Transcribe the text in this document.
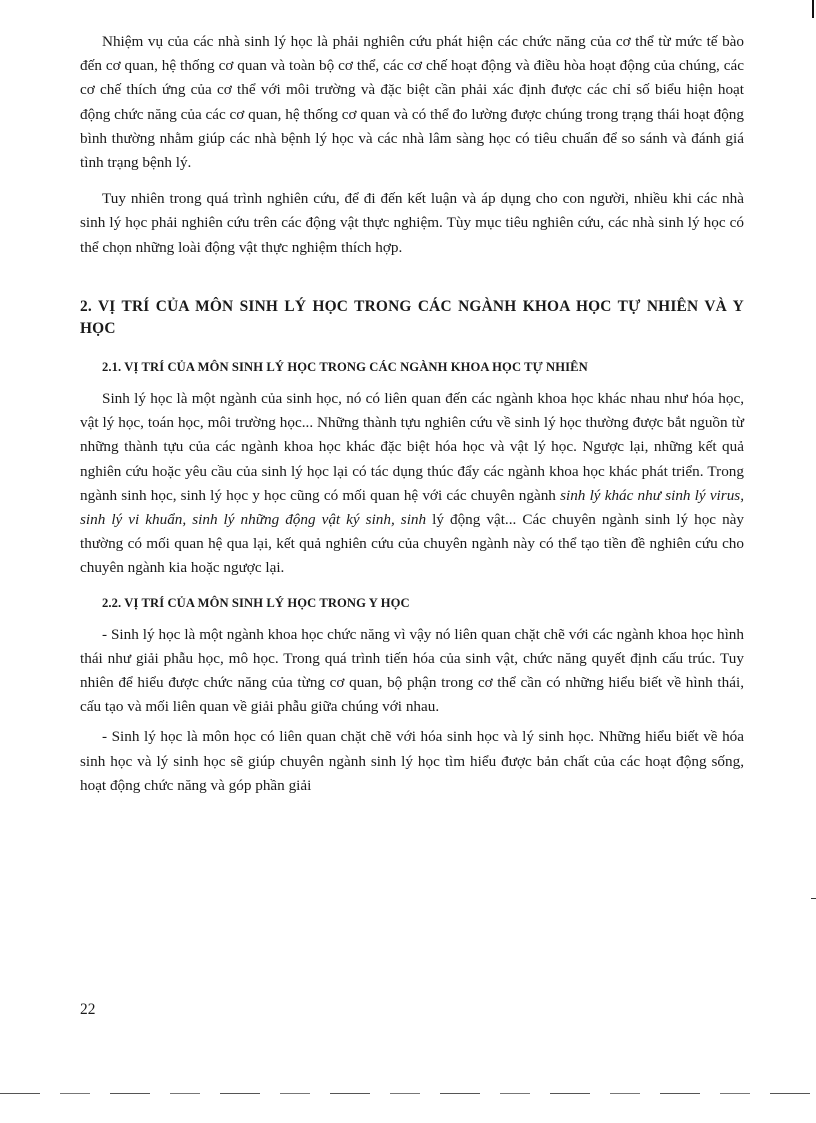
Nhiệm vụ của các nhà sinh lý học là phải nghiên cứu phát hiện các chức năng của cơ thể từ mức tế bào đến cơ quan, hệ thống cơ quan và toàn bộ cơ thể, các cơ chế hoạt động và điều hòa hoạt động của chúng, các cơ chế thích ứng của cơ thể với môi trường và đặc biệt cần phải xác định được các chỉ số biểu hiện hoạt động chức năng của các cơ quan, hệ thống cơ quan và có thể đo lường được chúng trong trạng thái hoạt động bình thường nhằm giúp các nhà bệnh lý học và các nhà lâm sàng học có tiêu chuẩn để so sánh và đánh giá tình trạng bệnh lý.

Tuy nhiên trong quá trình nghiên cứu, để đi đến kết luận và áp dụng cho con người, nhiều khi các nhà sinh lý học phải nghiên cứu trên các động vật thực nghiệm. Tùy mục tiêu nghiên cứu, các nhà sinh lý học có thể chọn những loài động vật thực nghiệm thích hợp.

2. VỊ TRÍ CỦA MÔN SINH LÝ HỌC TRONG CÁC NGÀNH KHOA HỌC TỰ NHIÊN VÀ Y HỌC
2.1. VỊ TRÍ CỦA MÔN SINH LÝ HỌC TRONG CÁC NGÀNH KHOA HỌC TỰ NHIÊN

Sinh lý học là một ngành của sinh học, nó có liên quan đến các ngành khoa học khác nhau như hóa học, vật lý học, toán học, môi trường học... Những thành tựu nghiên cứu về sinh lý học thường được bắt nguồn từ những thành tựu của các ngành khoa học khác đặc biệt hóa học và vật lý học. Ngược lại, những kết quả nghiên cứu hoặc yêu cầu của sinh lý học lại có tác dụng thúc đẩy các ngành khoa học khác phát triển. Trong ngành sinh học, sinh lý học y học cũng có mối quan hệ với các chuyên ngành sinh lý khác như sinh lý virus, sinh lý vi khuẩn, sinh lý những động vật ký sinh, sinh lý động vật... Các chuyên ngành sinh lý học này thường có mối quan hệ qua lại, kết quả nghiên cứu của chuyên ngành này có thể tạo tiền đề nghiên cứu cho chuyên ngành kia hoặc ngược lại.

2.2. VỊ TRÍ CỦA MÔN SINH LÝ HỌC TRONG Y HỌC

- Sinh lý học là một ngành khoa học chức năng vì vậy nó liên quan chặt chẽ với các ngành khoa học hình thái như giải phẫu học, mô học. Trong quá trình tiến hóa của sinh vật, chức năng quyết định cấu trúc. Tuy nhiên để hiểu được chức năng của từng cơ quan, bộ phận trong cơ thể cần có những hiểu biết về hình thái, cấu tạo và mối liên quan về giải phẫu giữa chúng với nhau.

- Sinh lý học là môn học có liên quan chặt chẽ với hóa sinh học và lý sinh học. Những hiểu biết về hóa sinh học và lý sinh học sẽ giúp chuyên ngành sinh lý học tìm hiểu được bản chất của các hoạt động sống, hoạt động chức năng và góp phần giải

22
